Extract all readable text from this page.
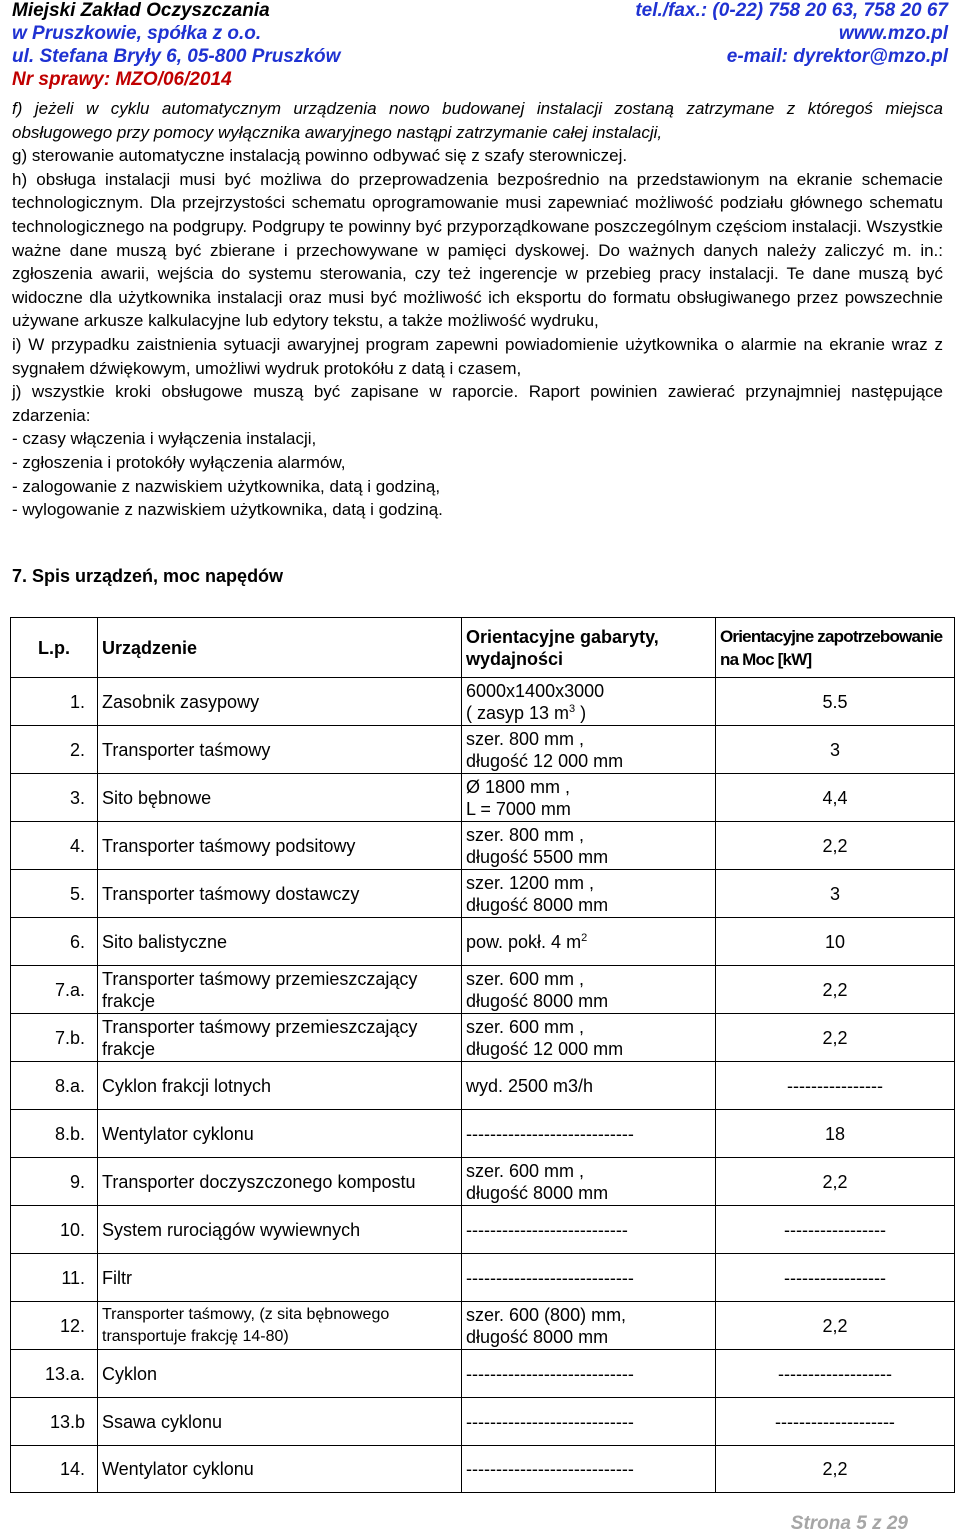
Miejski Zakład Oczyszczania	tel./fax.: (0-22) 758 20 63, 758 20 67
w Pruszkowie, spółka z o.o.	www.mzo.pl
ul. Stefana Bryły 6, 05-800 Pruszków	e-mail: dyrektor@mzo.pl
Nr sprawy: MZO/06/2014

f) jeżeli w cyklu automatycznym urządzenia nowo budowanej instalacji zostaną zatrzymane z któregoś miejsca obsługowego przy pomocy wyłącznika awaryjnego nastąpi zatrzymanie całej instalacji,

g) sterowanie automatyczne instalacją powinno odbywać się z szafy sterowniczej.

h) obsługa instalacji musi być możliwa do przeprowadzenia bezpośrednio na przedstawionym na ekranie schemacie technologicznym. Dla przejrzystości schematu oprogramowanie musi zapewniać możliwość podziału głównego schematu technologicznego na podgrupy. Podgrupy te powinny być przyporządkowane poszczególnym częściom instalacji. Wszystkie ważne dane muszą być zbierane i przechowywane w pamięci dyskowej. Do ważnych danych należy zaliczyć m. in.: zgłoszenia awarii, wejścia do systemu sterowania, czy też ingerencje w przebieg pracy instalacji. Te dane muszą być widoczne dla użytkownika instalacji oraz musi być możliwość ich eksportu do formatu obsługiwanego przez powszechnie używane arkusze kalkulacyjne lub edytory tekstu, a także możliwość wydruku,

i) W przypadku zaistnienia sytuacji awaryjnej program zapewni powiadomienie użytkownika o alarmie na ekranie wraz z sygnałem dźwiękowym, umożliwi wydruk protokółu z datą i czasem,

j) wszystkie kroki obsługowe muszą być zapisane w raporcie. Raport powinien zawierać przynajmniej następujące zdarzenia:

- czasy włączenia i wyłączenia instalacji,

- zgłoszenia i protokóły wyłączenia alarmów,

- zalogowanie z nazwiskiem użytkownika, datą i godziną,

- wylogowanie z nazwiskiem użytkownika, datą i godziną.

7. Spis urządzeń, moc napędów
L.p.	Urządzenie	Orientacyjne gabaryty, wydajności	Orientacyjne zapotrzebowanie na Moc [kW]

1.	Zasobnik zasypowy	6000x1400x3000
( zasyp 13 $m^3$ )	5.5
2.	Transporter taśmowy	szer. 800 mm ,
długość 12 000 mm	3
3.	Sito bębnowe	Ø 1800 mm ,
L = 7000 mm	4,4
4.	Transporter taśmowy podsitowy	szer. 800 mm ,
długość 5500 mm	2,2
5.	Transporter taśmowy dostawczy	szer. 1200 mm ,
długość 8000 mm	3
6.	Sito balistyczne	pow. pokł. 4 $m^2$	10
7.a.	Transporter taśmowy przemieszczający frakcje	szer. 600 mm ,
długość 8000 mm	2,2
7.b.	Transporter taśmowy przemieszczający frakcje	szer. 600 mm ,
długość 12 000 mm	2,2
8.a.	Cyklon frakcji lotnych	wyd. 2500 m3/h	----------------
8.b.	Wentylator cyklonu	----------------------------	18
9.	Transporter doczyszczonego kompostu	szer. 600 mm ,
długość 8000 mm	2,2
10.	System rurociągów wywiewnych	---------------------------	-----------------
11.	Filtr	----------------------------	-----------------
12.	Transporter taśmowy, (z sita bębnowego transportuje frakcję 14-80)	szer. 600 (800) mm,
długość 8000 mm	2,2
13.a.	Cyklon	----------------------------	-------------------
13.b	Ssawa cyklonu	----------------------------	--------------------
14.	Wentylator cyklonu	----------------------------	2,2
Strona 5 z 29
